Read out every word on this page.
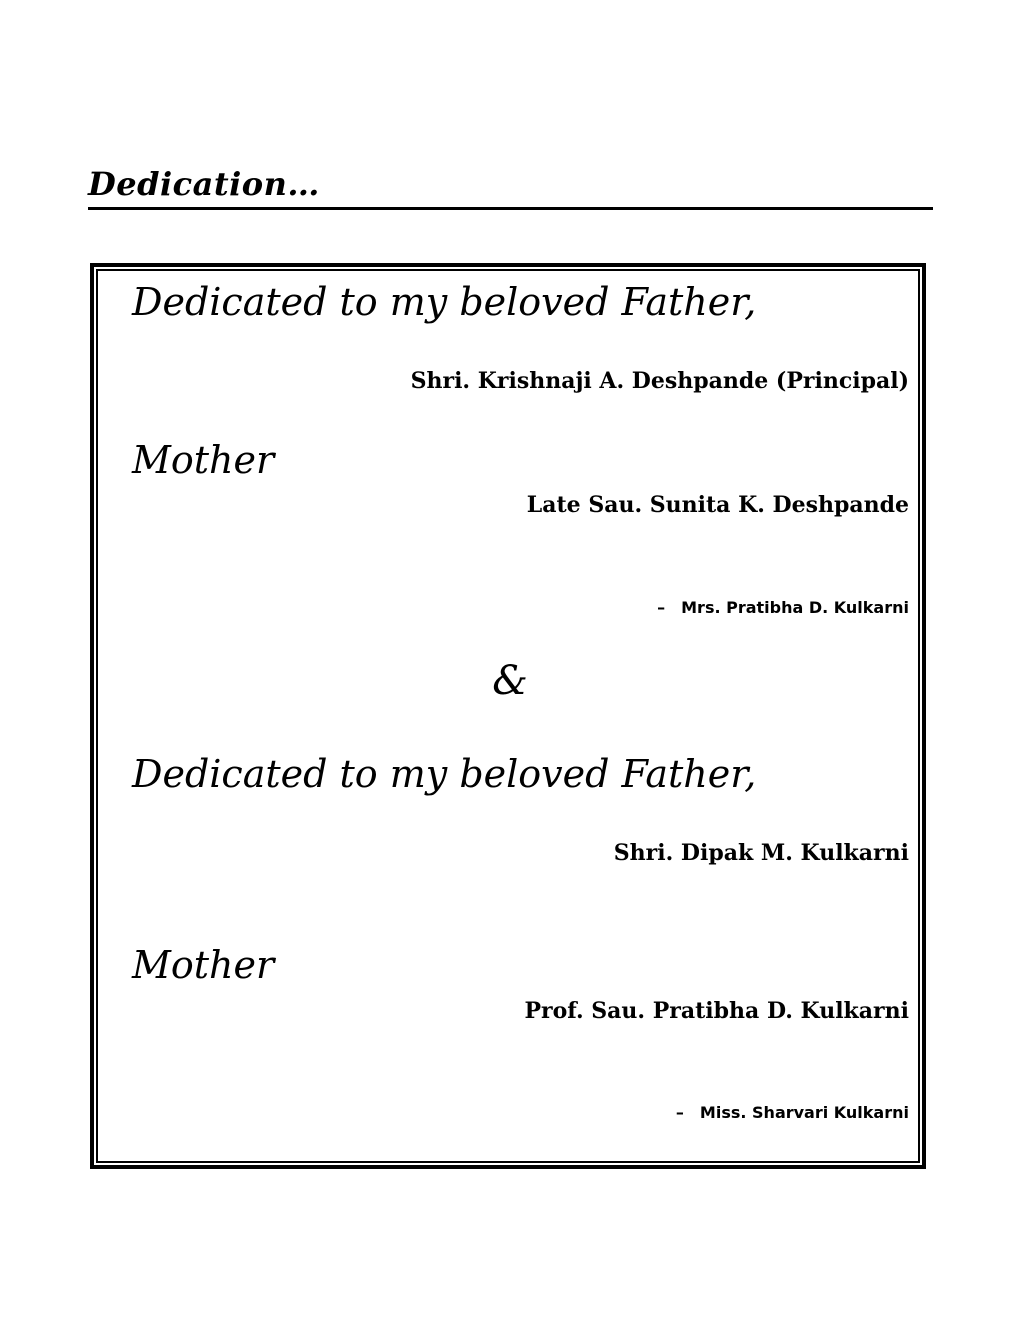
Dedication…

Dedicated to my beloved Father,

Shri. Krishnaji A. Deshpande (Principal)

Mother

Late Sau. Sunita K. Deshpande
– Mrs. Pratibha D. Kulkarni
&

Dedicated to my beloved Father,

Shri. Dipak M. Kulkarni

Mother

Prof. Sau. Pratibha D. Kulkarni
– Miss. Sharvari Kulkarni
